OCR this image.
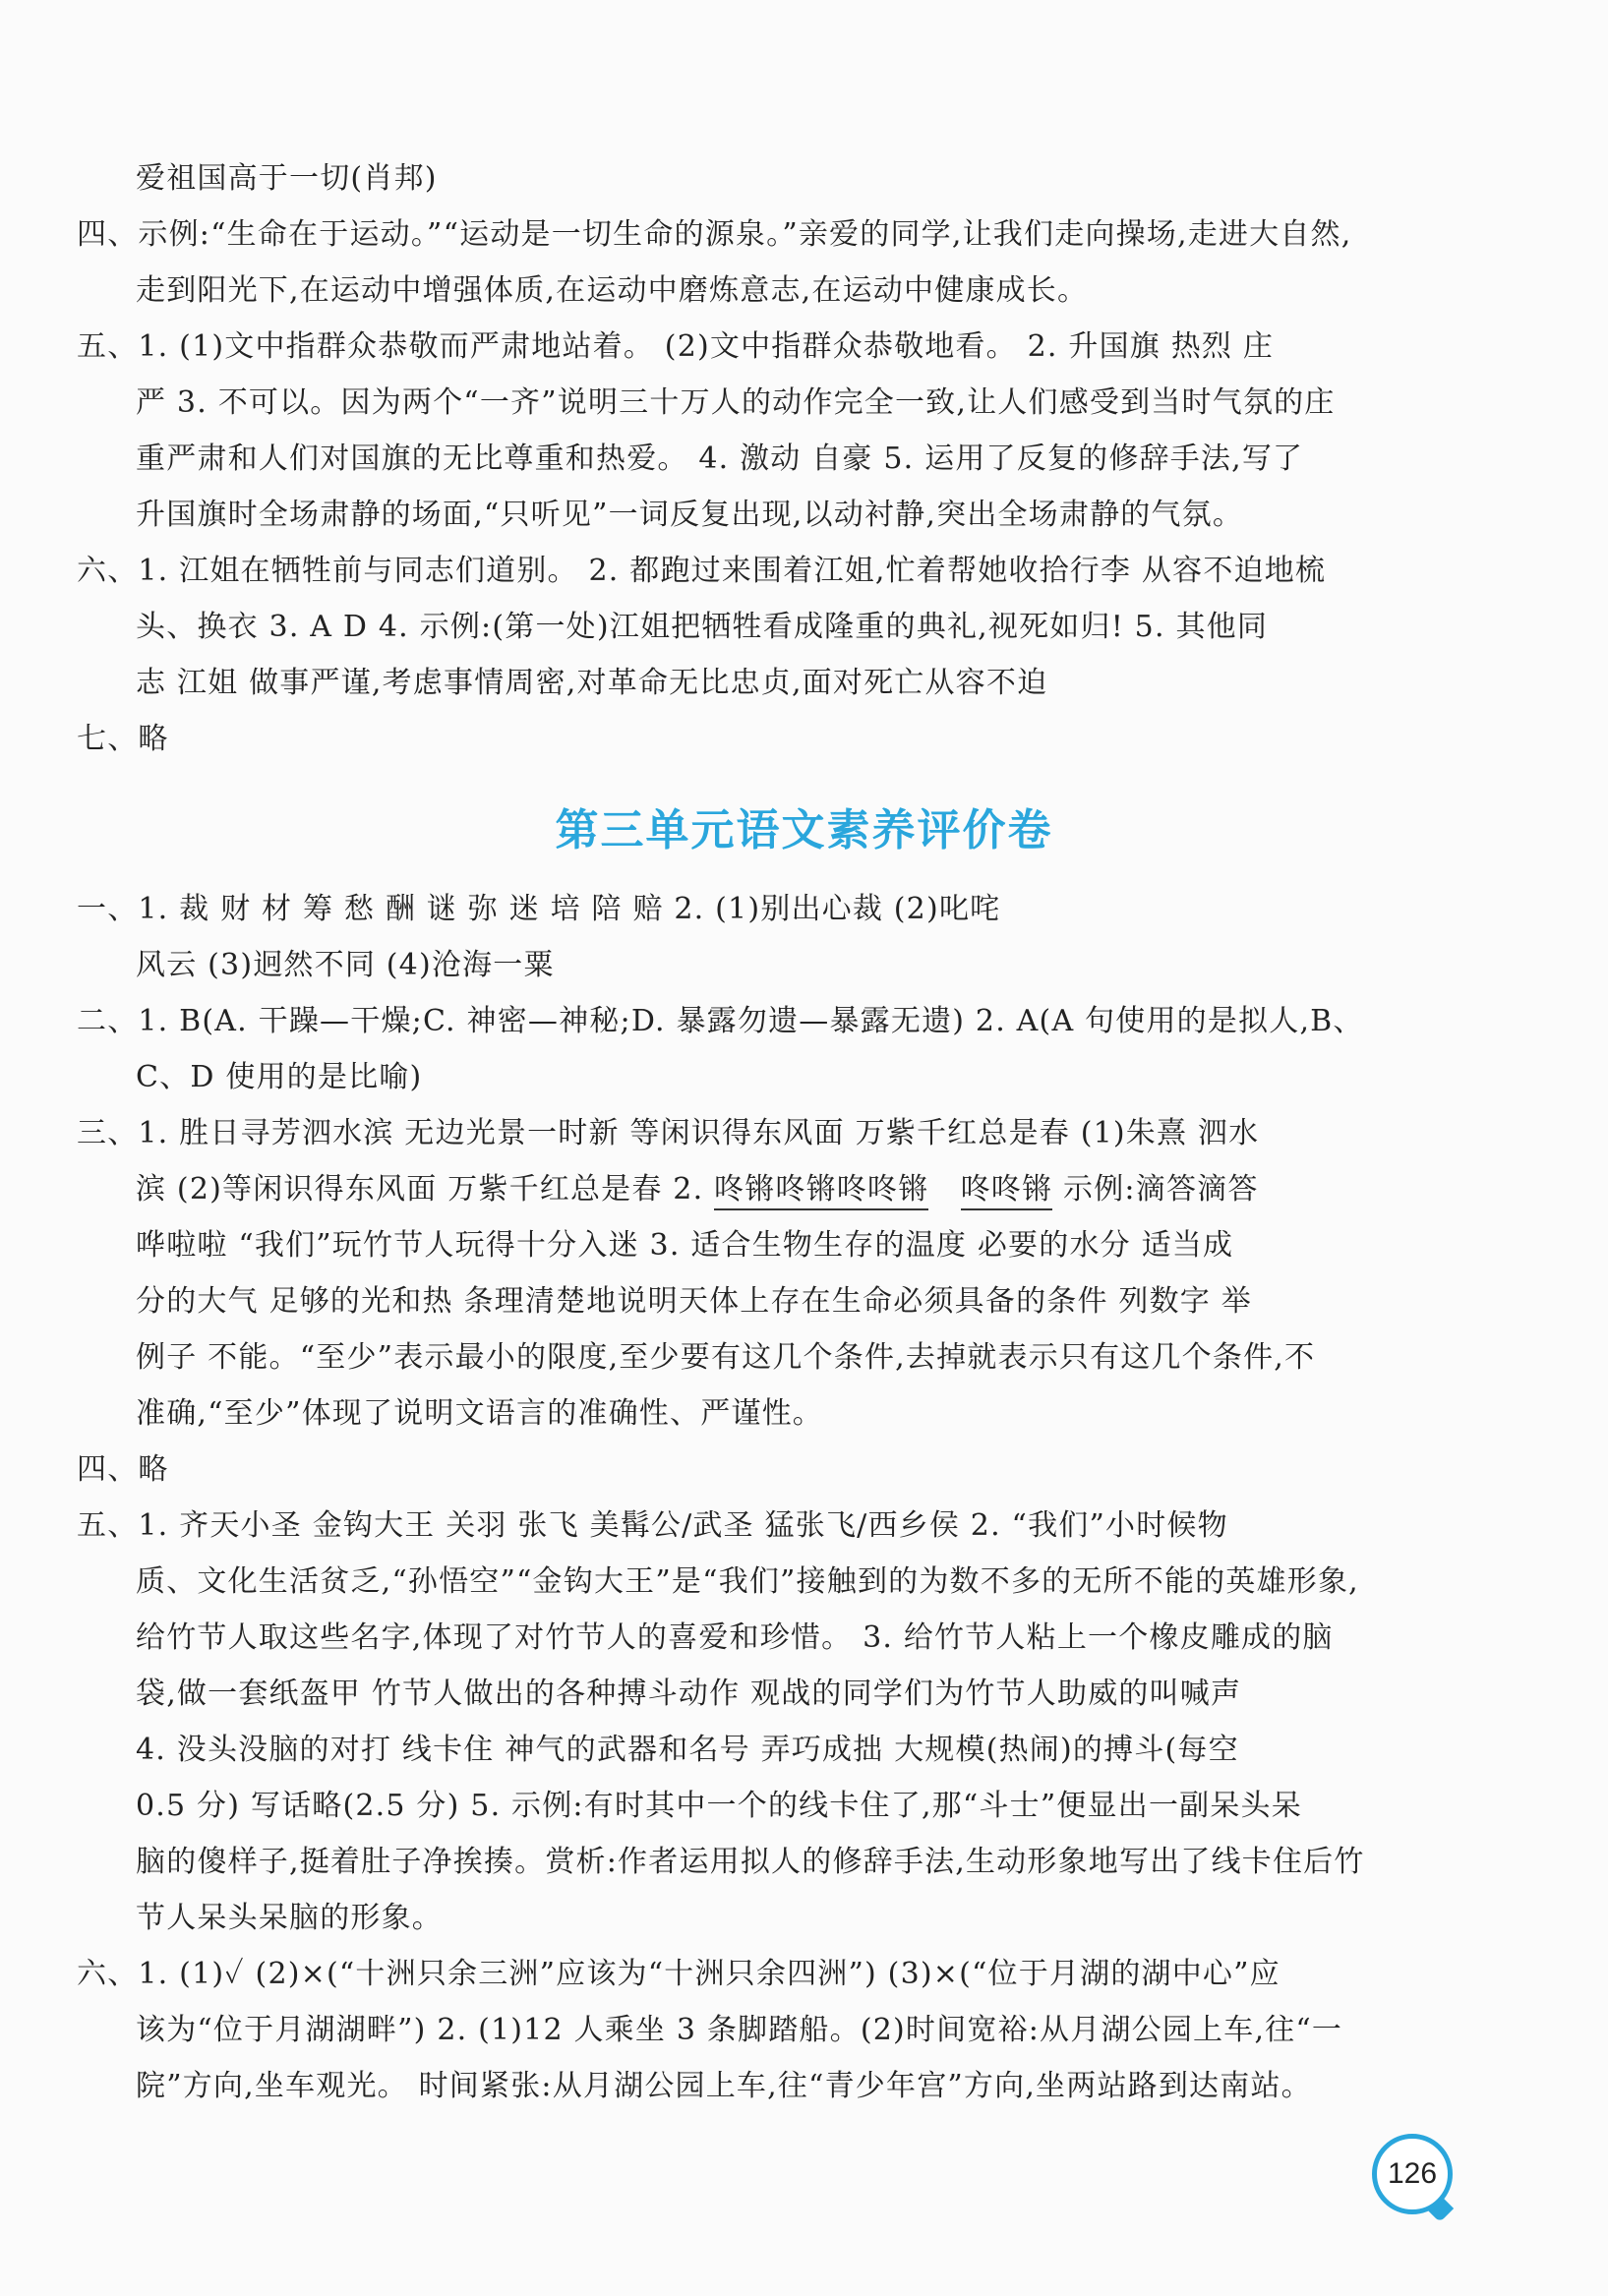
爱祖国高于一切(肖邦)
四、示例:“生命在于运动。”“运动是一切生命的源泉。”亲爱的同学,让我们走向操场,走进大自然,
走到阳光下,在运动中增强体质,在运动中磨炼意志,在运动中健康成长。
五、1. (1)文中指群众恭敬而严肃地站着。 (2)文中指群众恭敬地看。 2. 升国旗 热烈 庄
严 3. 不可以。因为两个“一齐”说明三十万人的动作完全一致,让人们感受到当时气氛的庄
重严肃和人们对国旗的无比尊重和热爱。 4. 激动 自豪 5. 运用了反复的修辞手法,写了
升国旗时全场肃静的场面,“只听见”一词反复出现,以动衬静,突出全场肃静的气氛。
六、1. 江姐在牺牲前与同志们道别。 2. 都跑过来围着江姐,忙着帮她收拾行李 从容不迫地梳
头、换衣 3. A D 4. 示例:(第一处)江姐把牺牲看成隆重的典礼,视死如归! 5. 其他同
志 江姐 做事严谨,考虑事情周密,对革命无比忠贞,面对死亡从容不迫
七、略
第三单元语文素养评价卷
一、1. 裁 财 材 筹 愁 酬 谜 弥 迷 培 陪 赔 2. (1)别出心裁 (2)叱咤
风云 (3)迥然不同 (4)沧海一粟
二、1. B(A. 干躁—干燥;C. 神密—神秘;D. 暴露勿遗—暴露无遗) 2. A(A 句使用的是拟人,B、
C、D 使用的是比喻)
三、1. 胜日寻芳泗水滨 无边光景一时新 等闲识得东风面 万紫千红总是春 (1)朱熹 泗水
滨 (2)等闲识得东风面 万紫千红总是春 2. 咚锵咚锵咚咚锵 咚咚锵 示例:滴答滴答
哗啦啦 “我们”玩竹节人玩得十分入迷 3. 适合生物生存的温度 必要的水分 适当成
分的大气 足够的光和热 条理清楚地说明天体上存在生命必须具备的条件 列数字 举
例子 不能。“至少”表示最小的限度,至少要有这几个条件,去掉就表示只有这几个条件,不
准确,“至少”体现了说明文语言的准确性、严谨性。
四、略
五、1. 齐天小圣 金钩大王 关羽 张飞 美髯公/武圣 猛张飞/西乡侯 2. “我们”小时候物
质、文化生活贫乏,“孙悟空”“金钩大王”是“我们”接触到的为数不多的无所不能的英雄形象,
给竹节人取这些名字,体现了对竹节人的喜爱和珍惜。 3. 给竹节人粘上一个橡皮雕成的脑
袋,做一套纸盔甲 竹节人做出的各种搏斗动作 观战的同学们为竹节人助威的叫喊声
4. 没头没脑的对打 线卡住 神气的武器和名号 弄巧成拙 大规模(热闹)的搏斗(每空
0.5 分) 写话略(2.5 分) 5. 示例:有时其中一个的线卡住了,那“斗士”便显出一副呆头呆
脑的傻样子,挺着肚子净挨揍。赏析:作者运用拟人的修辞手法,生动形象地写出了线卡住后竹
节人呆头呆脑的形象。
六、1. (1)✓ (2)×(“十洲只余三洲”应该为“十洲只余四洲”) (3)×(“位于月湖的湖中心”应
该为“位于月湖湖畔”) 2. (1)12 人乘坐 3 条脚踏船。(2)时间宽裕:从月湖公园上车,往“一
院”方向,坐车观光。 时间紧张:从月湖公园上车,往“青少年宫”方向,坐两站路到达南站。
126
